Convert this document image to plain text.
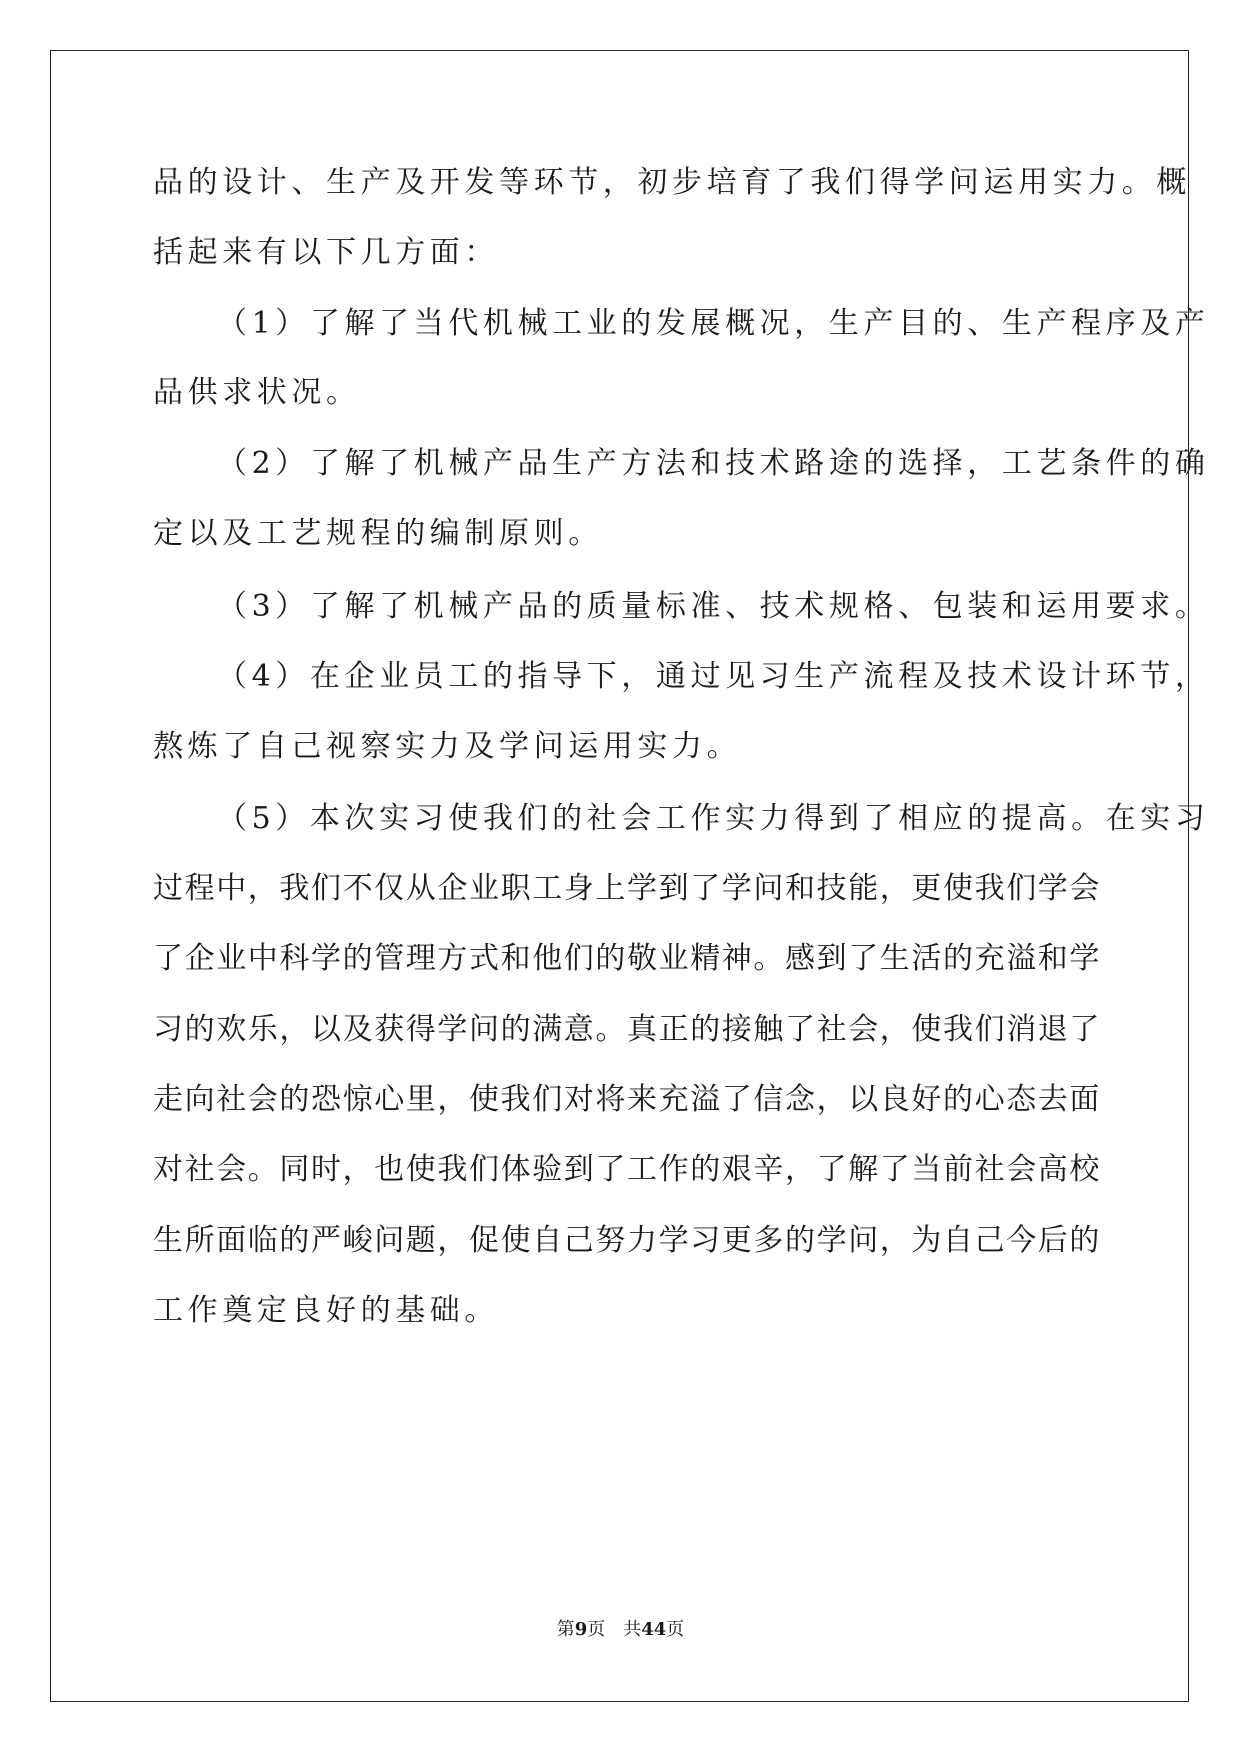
品的设计、生产及开发等环节，初步培育了我们得学问运用实力。概
括起来有以下几方面：
（1）了解了当代机械工业的发展概况，生产目的、生产程序及产
品供求状况。
（2）了解了机械产品生产方法和技术路途的选择，工艺条件的确
定以及工艺规程的编制原则。
（3）了解了机械产品的质量标准、技术规格、包装和运用要求。
（4）在企业员工的指导下，通过见习生产流程及技术设计环节，
熬炼了自己视察实力及学问运用实力。
（5）本次实习使我们的社会工作实力得到了相应的提高。在实习
过程中，我们不仅从企业职工身上学到了学问和技能，更使我们学会
了企业中科学的管理方式和他们的敬业精神。感到了生活的充溢和学
习的欢乐，以及获得学问的满意。真正的接触了社会，使我们消退了
走向社会的恐惊心里，使我们对将来充溢了信念，以良好的心态去面
对社会。同时，也使我们体验到了工作的艰辛，了解了当前社会高校
生所面临的严峻问题，促使自己努力学习更多的学问，为自己今后的
工作奠定良好的基础。
第9页 共44页
